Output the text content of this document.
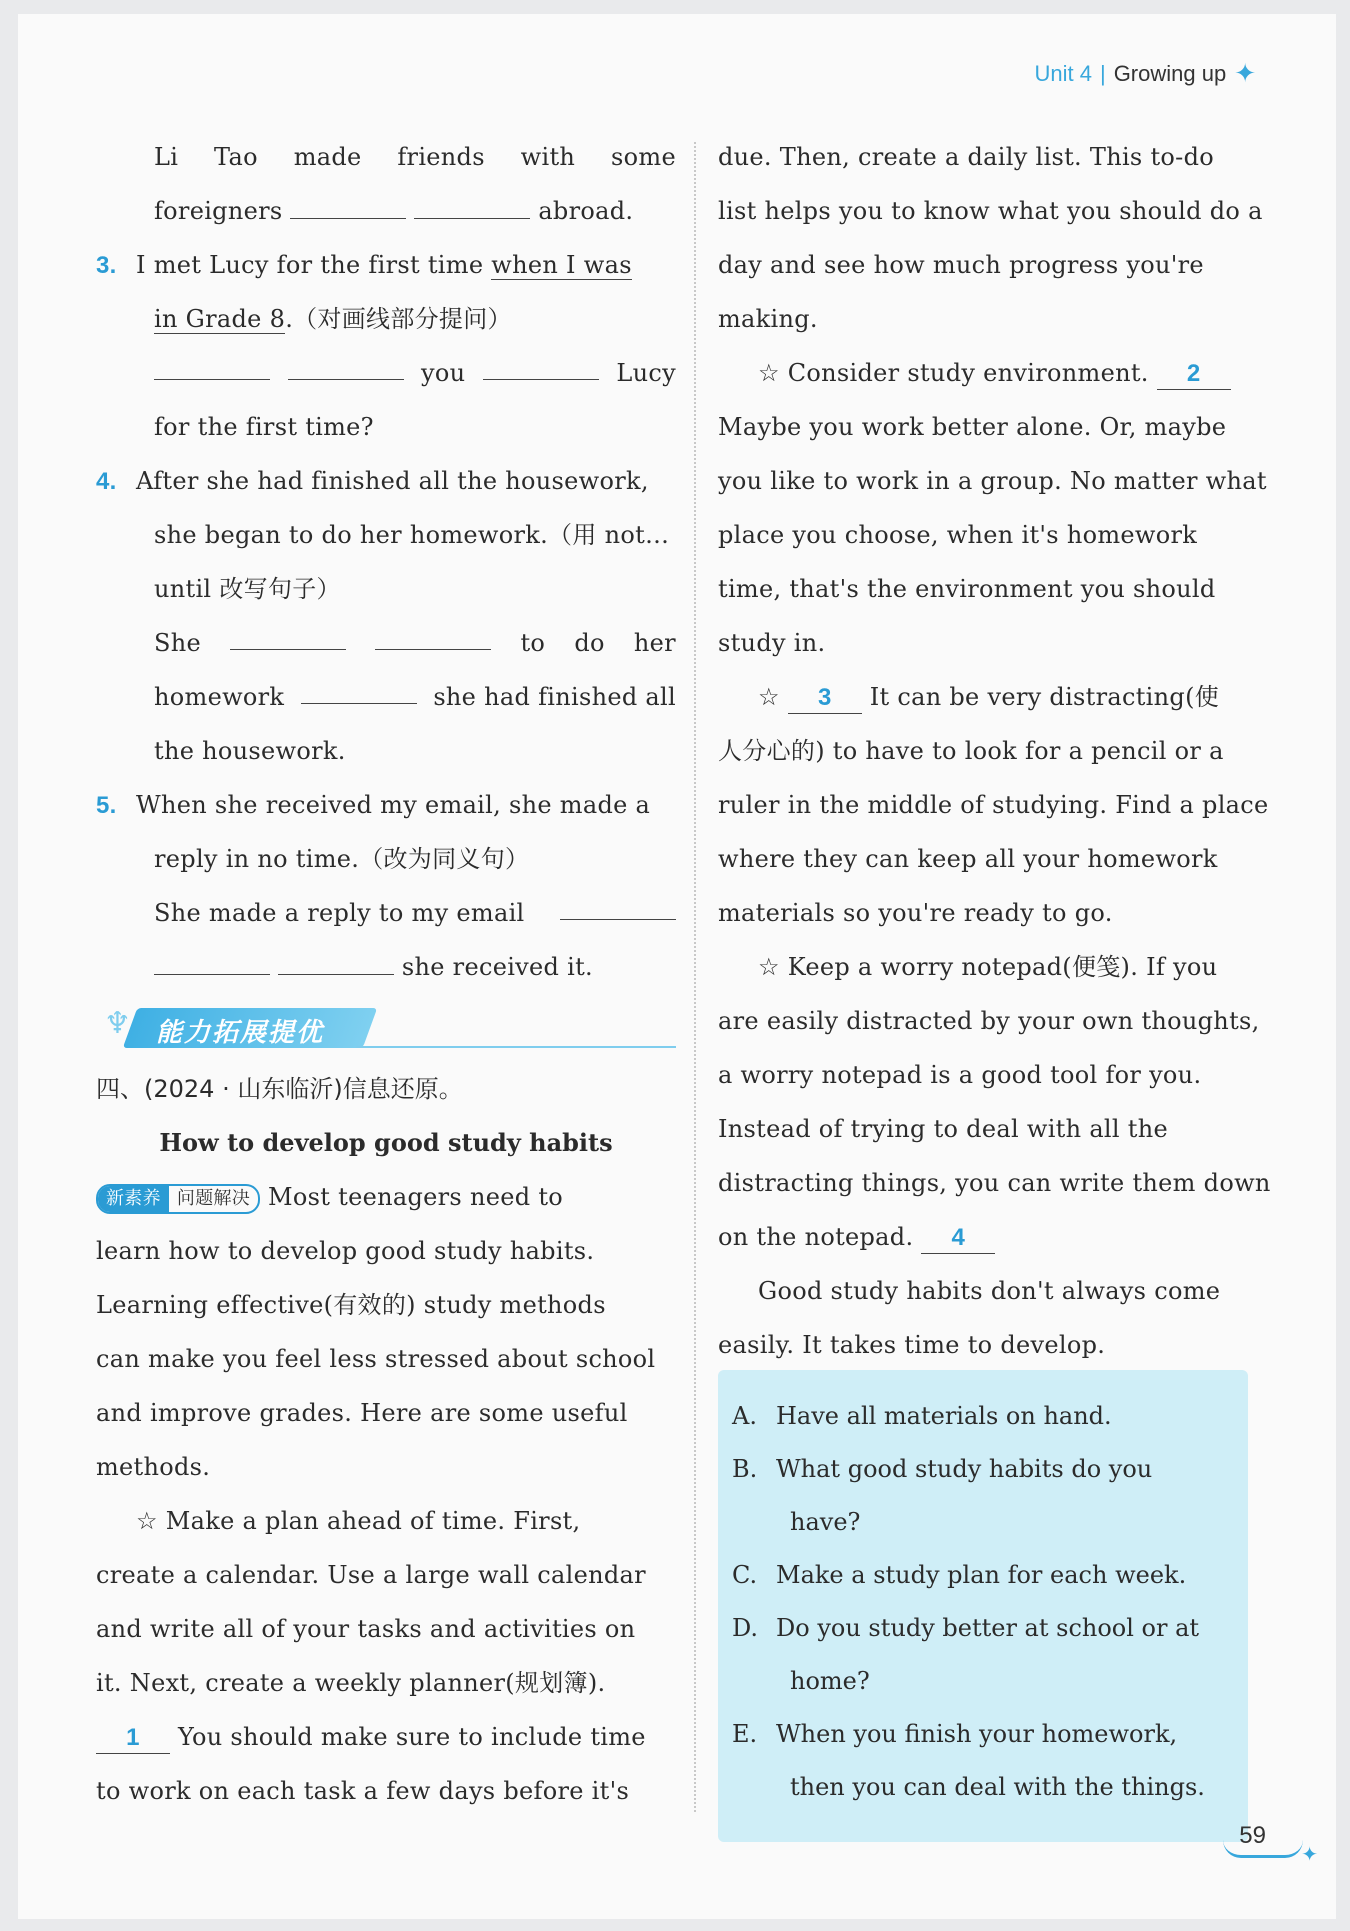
Unit 4 | Growing up ✦
Li Tao made friends with some
foreigners	abroad.
3. I met Lucy for the first time when I was
in Grade 8.（对画线部分提问）
you	Lucy
for the first time?
4. After she had finished all the housework,
she began to do her homework.（用 not…
until 改写句子）
She	to do her
homework	she had finished all
the housework.
5. When she received my email, she made a
reply in no time.（改为同义句）
She made a reply to my email
she received it.
♆ 能力拓展提优
四、(2024 · 山东临沂)信息还原。
How to develop good study habits
新素养 问题解决 Most teenagers need to
learn how to develop good study habits.
Learning effective(有效的) study methods
can make you feel less stressed about school
and improve grades. Here are some useful
methods.
☆ Make a plan ahead of time. First,
create a calendar. Use a large wall calendar
and write all of your tasks and activities on
it. Next, create a weekly planner(规划簿).
1 You should make sure to include time
to work on each task a few days before it's
due. Then, create a daily list. This to-do
list helps you to know what you should do a
day and see how much progress you're
making.
☆ Consider study environment. 2
Maybe you work better alone. Or, maybe
you like to work in a group. No matter what
place you choose, when it's homework
time, that's the environment you should
study in.
☆ 3 It can be very distracting(使
人分心的) to have to look for a pencil or a
ruler in the middle of studying. Find a place
where they can keep all your homework
materials so you're ready to go.
☆ Keep a worry notepad(便笺). If you
are easily distracted by your own thoughts,
a worry notepad is a good tool for you.
Instead of trying to deal with all the
distracting things, you can write them down
on the notepad. 4
Good study habits don't always come
easily. It takes time to develop.
A. Have all materials on hand.
B. What good study habits do you
have?
C. Make a study plan for each week.
D. Do you study better at school or at
home?
E. When you finish your homework,
then you can deal with the things.
59
✦
